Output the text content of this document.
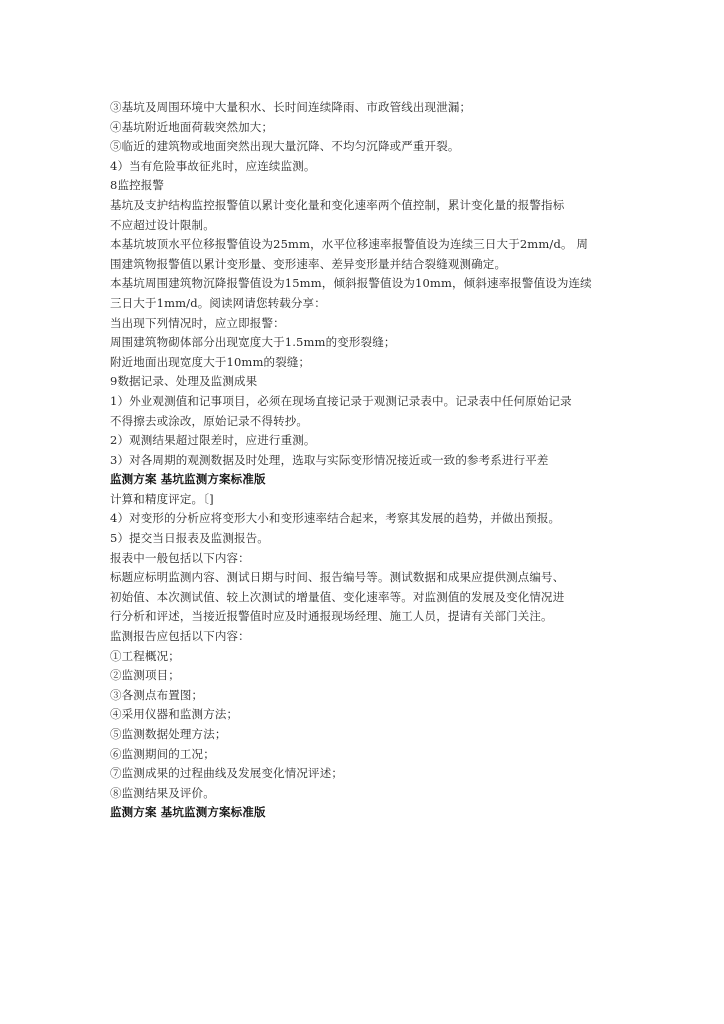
③基坑及周围环境中大量积水、长时间连续降雨、市政管线出现泄漏；
④基坑附近地面荷载突然加大；
⑤临近的建筑物或地面突然出现大量沉降、不均匀沉降或严重开裂。
4）当有危险事故征兆时，应连续监测。
8监控报警
基坑及支护结构监控报警值以累计变化量和变化速率两个值控制，累计变化量的报警指标
不应超过设计限制。
本基坑坡顶水平位移报警值设为25mm，水平位移速率报警值设为连续三日大于2mm/d。 周
围建筑物报警值以累计变形量、变形速率、差异变形量并结合裂缝观测确定。
本基坑周围建筑物沉降报警值设为15mm，倾斜报警值设为10mm，倾斜速率报警值设为连续
三日大于1mm/d。阅读网请您转载分享：
当出现下列情况时，应立即报警：
周围建筑物砌体部分出现宽度大于1.5mm的变形裂缝；
附近地面出现宽度大于10mm的裂缝；
9数据记录、处理及监测成果
1）外业观测值和记事项目，必须在现场直接记录于观测记录表中。记录表中任何原始记录
不得擦去或涂改，原始记录不得转抄。
2）观测结果超过限差时，应进行重测。
3）对各周期的观测数据及时处理，选取与实际变形情况接近或一致的参考系进行平差
监测方案 基坑监测方案标准版
计算和精度评定。〔]
4）对变形的分析应将变形大小和变形速率结合起来，考察其发展的趋势，并做出预报。
5）提交当日报表及监测报告。
报表中一般包括以下内容：
标题应标明监测内容、测试日期与时间、报告编号等。测试数据和成果应提供测点编号、
初始值、本次测试值、较上次测试的增量值、变化速率等。对监测值的发展及变化情况进
行分析和评述，当接近报警值时应及时通报现场经理、施工人员，提请有关部门关注。
监测报告应包括以下内容：
①工程概况；
②监测项目；
③各测点布置图；
④采用仪器和监测方法；
⑤监测数据处理方法；
⑥监测期间的工况；
⑦监测成果的过程曲线及发展变化情况评述；
⑧监测结果及评价。
监测方案 基坑监测方案标准版
